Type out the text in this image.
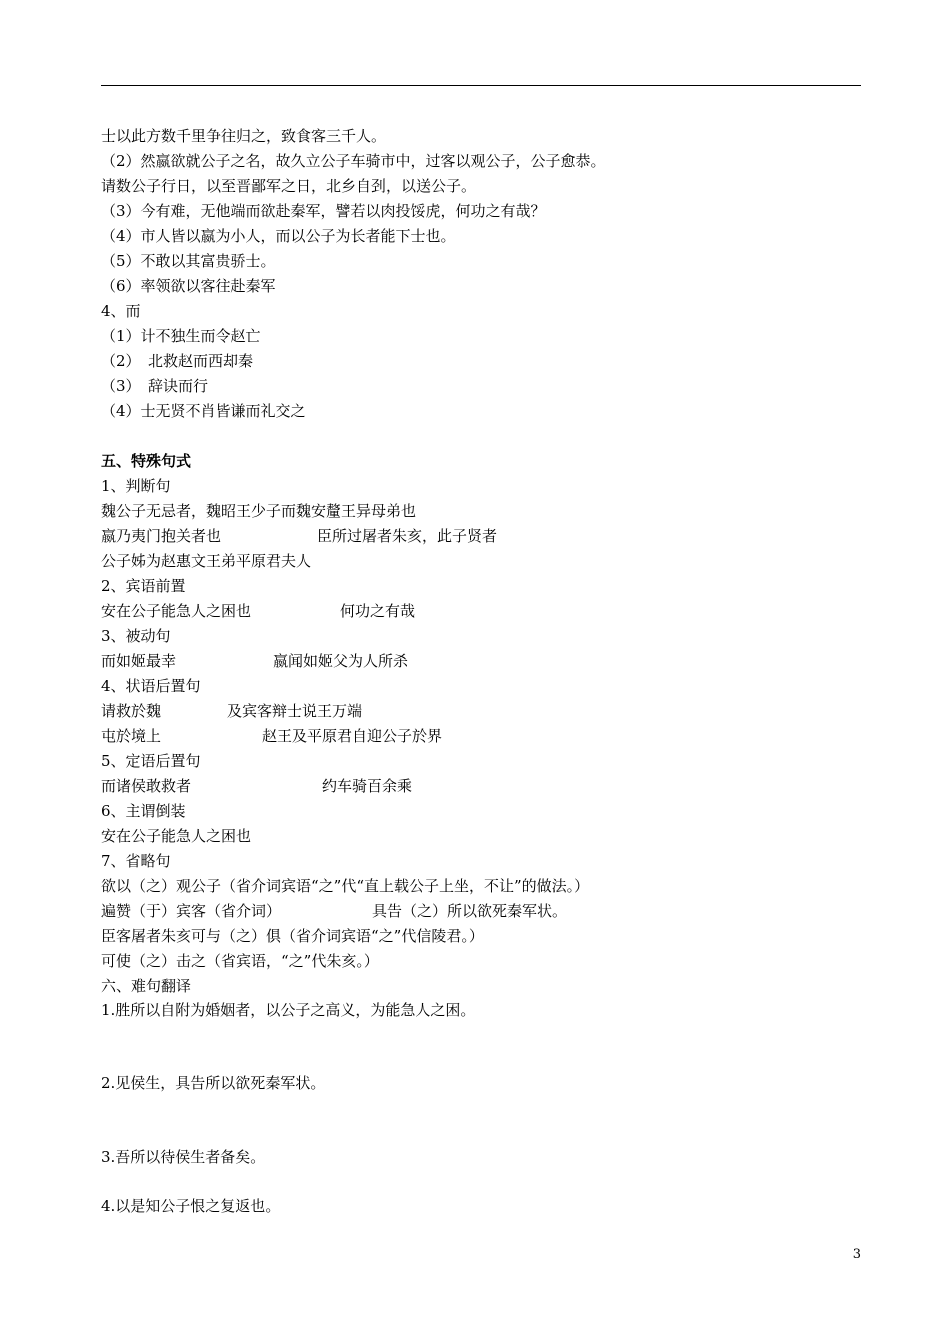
士以此方数千里争往归之，致食客三千人。
（2）然嬴欲就公子之名，故久立公子车骑市中，过客以观公子，公子愈恭。
请数公子行日，以至晋鄙军之日，北乡自刭，以送公子。
（3）今有难，无他端而欲赴秦军，譬若以肉投馁虎，何功之有哉？
（4）市人皆以嬴为小人，而以公子为长者能下士也。
（5）不敢以其富贵骄士。
（6）率领欲以客往赴秦军
4、而
（1）计不独生而令赵亡
（2）　北救赵而西却秦
（3）　辞诀而行
（4）士无贤不肖皆谦而礼交之
五、特殊句式
1、判断句
魏公子无忌者，魏昭王少子而魏安釐王异母弟也
嬴乃夷门抱关者也	臣所过屠者朱亥，此子贤者
公子姊为赵惠文王弟平原君夫人
2、宾语前置
安在公子能急人之困也	何功之有哉
3、被动句
而如姬最幸	嬴闻如姬父为人所杀
4、状语后置句
请救於魏	及宾客辩士说王万端
屯於境上	赵王及平原君自迎公子於界
5、定语后置句
而诸侯敢救者	约车骑百余乘
6、主谓倒装
安在公子能急人之困也
7、省略句
欲以（之）观公子（省介词宾语“之”代“直上载公子上坐，不让”的做法。）
遍赞（于）宾客（省介词）	具告（之）所以欲死秦军状。
臣客屠者朱亥可与（之）俱（省介词宾语“之”代信陵君。）
可使（之）击之（省宾语，“之”代朱亥。）
六、难句翻译
1.胜所以自附为婚姻者，以公子之高义，为能急人之困。
2.见侯生，具告所以欲死秦军状。
3.吾所以待侯生者备矣。
4.以是知公子恨之复返也。
3
